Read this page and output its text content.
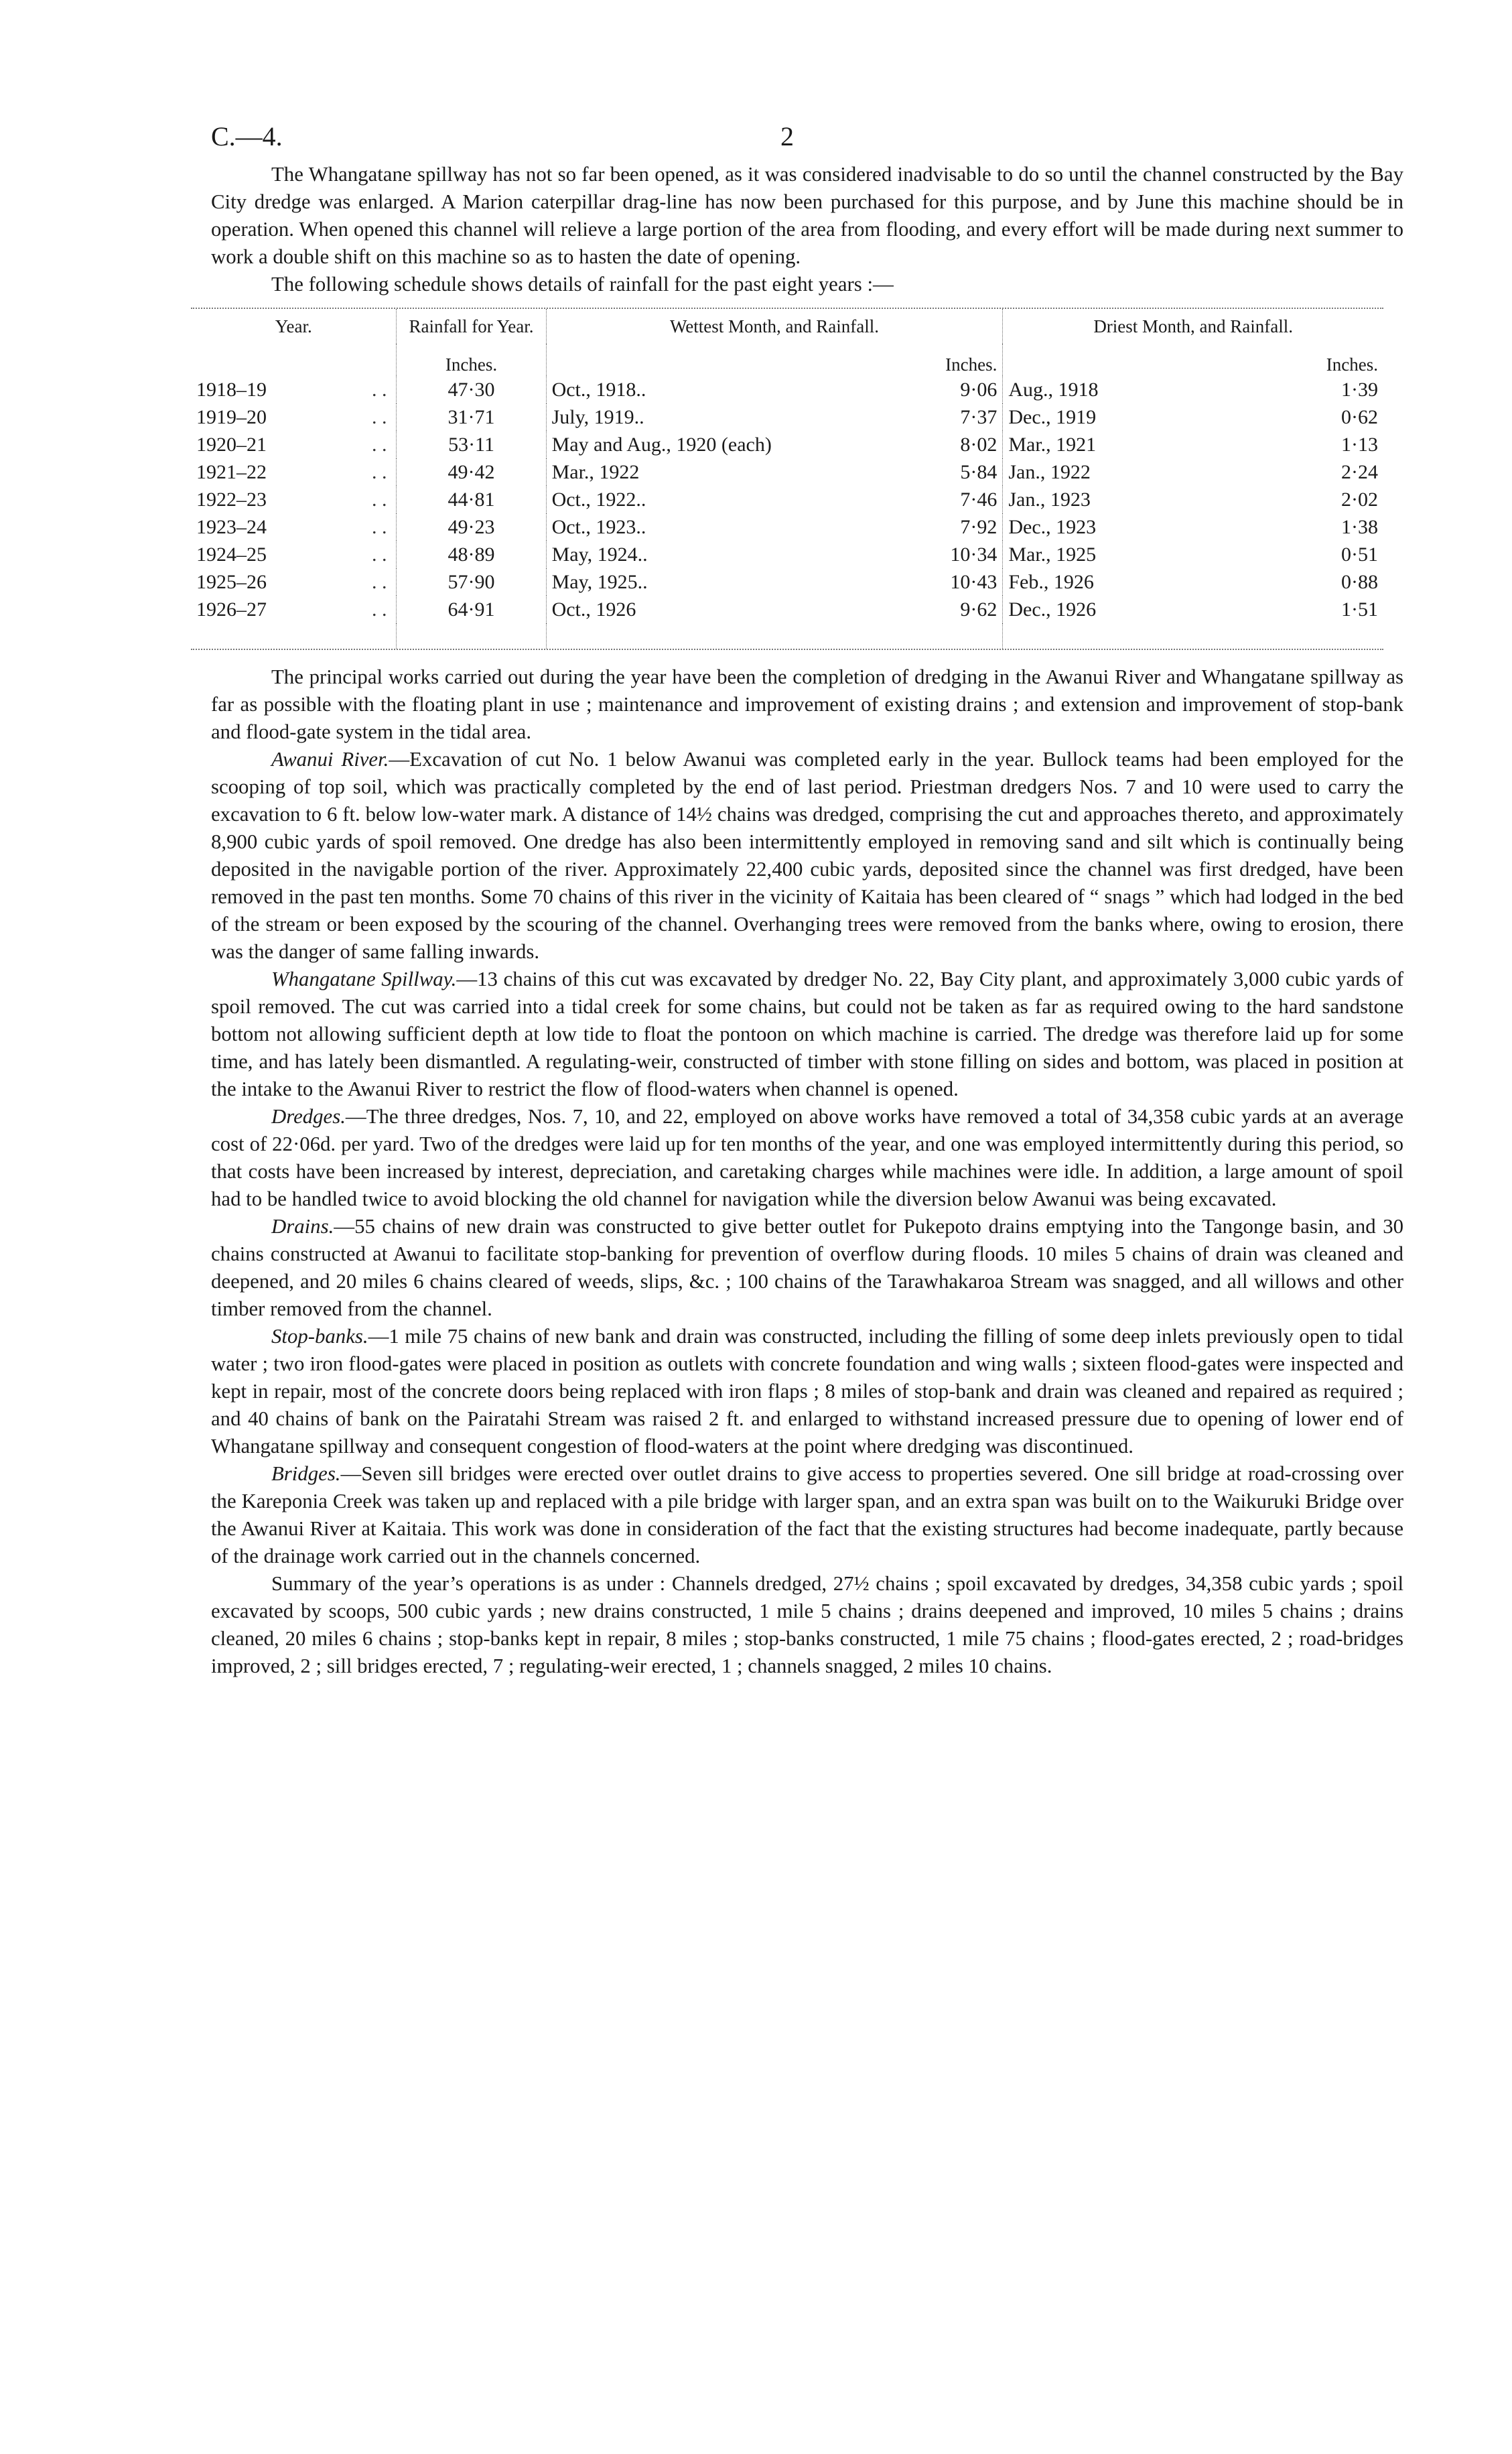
C.—4.	2

The Whangatane spillway has not so far been opened, as it was considered inadvisable to do so until the channel constructed by the Bay City dredge was enlarged. A Marion caterpillar drag-line has now been purchased for this purpose, and by June this machine should be in operation. When opened this channel will relieve a large portion of the area from flooding, and every effort will be made during next summer to work a double shift on this machine so as to hasten the date of opening.

The following schedule shows details of rainfall for the past eight years :—

Year.		Rainfall for Year.	Wettest Month, and Rainfall.		Driest Month, and Rainfall.	
		Inches.		Inches.		Inches.
1918–19	. .	47·30	Oct., 1918..	9·06	Aug., 1918	1·39
1919–20	. .	31·71	July, 1919..	7·37	Dec., 1919	0·62
1920–21	. .	53·11	May and Aug., 1920 (each)	8·02	Mar., 1921	1·13
1921–22	. .	49·42	Mar., 1922	5·84	Jan., 1922	2·24
1922–23	. .	44·81	Oct., 1922..	7·46	Jan., 1923	2·02
1923–24	. .	49·23	Oct., 1923..	7·92	Dec., 1923	1·38
1924–25	. .	48·89	May, 1924..	10·34	Mar., 1925	0·51
1925–26	. .	57·90	May, 1925..	10·43	Feb., 1926	0·88
1926–27	. .	64·91	Oct., 1926	9·62	Dec., 1926	1·51

The principal works carried out during the year have been the completion of dredging in the Awanui River and Whangatane spillway as far as possible with the floating plant in use ; maintenance and improvement of existing drains ; and extension and improvement of stop-bank and flood-gate system in the tidal area.

Awanui River.—Excavation of cut No. 1 below Awanui was completed early in the year. Bullock teams had been employed for the scooping of top soil, which was practically completed by the end of last period. Priestman dredgers Nos. 7 and 10 were used to carry the excavation to 6 ft. below low-water mark. A distance of 14½ chains was dredged, comprising the cut and approaches thereto, and approximately 8,900 cubic yards of spoil removed. One dredge has also been intermittently employed in removing sand and silt which is continually being deposited in the navigable portion of the river. Approximately 22,400 cubic yards, deposited since the channel was first dredged, have been removed in the past ten months. Some 70 chains of this river in the vicinity of Kaitaia has been cleared of “ snags ” which had lodged in the bed of the stream or been exposed by the scouring of the channel. Overhanging trees were removed from the banks where, owing to erosion, there was the danger of same falling inwards.

Whangatane Spillway.—13 chains of this cut was excavated by dredger No. 22, Bay City plant, and approximately 3,000 cubic yards of spoil removed. The cut was carried into a tidal creek for some chains, but could not be taken as far as required owing to the hard sandstone bottom not allowing sufficient depth at low tide to float the pontoon on which machine is carried. The dredge was therefore laid up for some time, and has lately been dismantled. A regulating-weir, constructed of timber with stone filling on sides and bottom, was placed in position at the intake to the Awanui River to restrict the flow of flood-waters when channel is opened.

Dredges.—The three dredges, Nos. 7, 10, and 22, employed on above works have removed a total of 34,358 cubic yards at an average cost of 22·06d. per yard. Two of the dredges were laid up for ten months of the year, and one was employed intermittently during this period, so that costs have been increased by interest, depreciation, and caretaking charges while machines were idle. In addition, a large amount of spoil had to be handled twice to avoid blocking the old channel for navigation while the diversion below Awanui was being excavated.

Drains.—55 chains of new drain was constructed to give better outlet for Pukepoto drains emptying into the Tangonge basin, and 30 chains constructed at Awanui to facilitate stop-banking for prevention of overflow during floods. 10 miles 5 chains of drain was cleaned and deepened, and 20 miles 6 chains cleared of weeds, slips, &c. ; 100 chains of the Tarawhakaroa Stream was snagged, and all willows and other timber removed from the channel.

Stop-banks.—1 mile 75 chains of new bank and drain was constructed, including the filling of some deep inlets previously open to tidal water ; two iron flood-gates were placed in position as outlets with concrete foundation and wing walls ; sixteen flood-gates were inspected and kept in repair, most of the concrete doors being replaced with iron flaps ; 8 miles of stop-bank and drain was cleaned and repaired as required ; and 40 chains of bank on the Pairatahi Stream was raised 2 ft. and enlarged to withstand increased pressure due to opening of lower end of Whangatane spillway and consequent congestion of flood-waters at the point where dredging was discontinued.

Bridges.—Seven sill bridges were erected over outlet drains to give access to properties severed. One sill bridge at road-crossing over the Kareponia Creek was taken up and replaced with a pile bridge with larger span, and an extra span was built on to the Waikuruki Bridge over the Awanui River at Kaitaia. This work was done in consideration of the fact that the existing structures had become inadequate, partly because of the drainage work carried out in the channels concerned.

Summary of the year’s operations is as under : Channels dredged, 27½ chains ; spoil excavated by dredges, 34,358 cubic yards ; spoil excavated by scoops, 500 cubic yards ; new drains constructed, 1 mile 5 chains ; drains deepened and improved, 10 miles 5 chains ; drains cleaned, 20 miles 6 chains ; stop-banks kept in repair, 8 miles ; stop-banks constructed, 1 mile 75 chains ; flood-gates erected, 2 ; road-bridges improved, 2 ; sill bridges erected, 7 ; regulating-weir erected, 1 ; channels snagged, 2 miles 10 chains.
